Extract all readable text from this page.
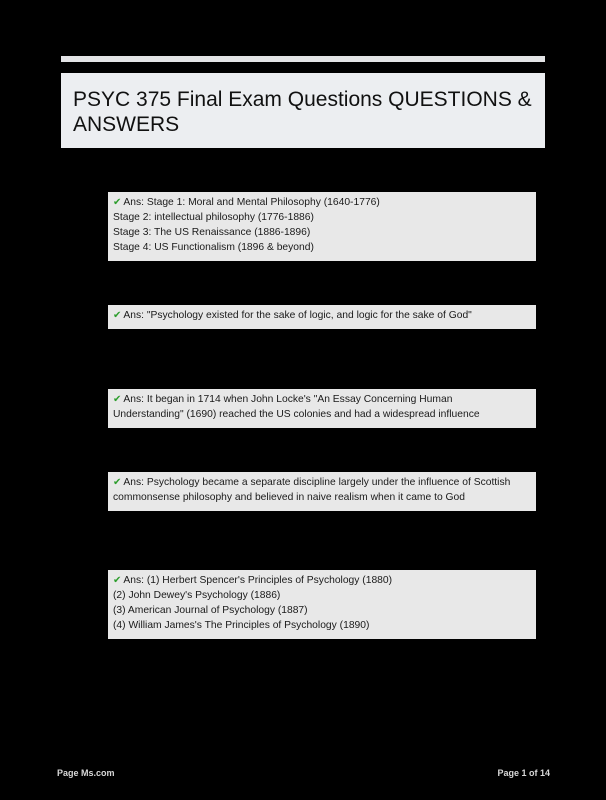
PSYC 375 Final Exam Questions QUESTIONS & ANSWERS
✔ Ans: Stage 1: Moral and Mental Philosophy (1640-1776)
Stage 2: intellectual philosophy (1776-1886)
Stage 3: The US Renaissance (1886-1896)
Stage 4: US Functionalism (1896 & beyond)
✔ Ans: "Psychology existed for the sake of logic, and logic for the sake of God"
✔ Ans: It began in 1714 when John Locke's "An Essay Concerning Human
Understanding" (1690) reached the US colonies and had a widespread influence
✔ Ans: Psychology became a separate discipline largely under the influence of Scottish
commonsense philosophy and believed in naive realism when it came to God
✔ Ans: (1) Herbert Spencer's Principles of Psychology (1880)
(2) John Dewey's Psychology (1886)
(3) American Journal of Psychology (1887)
(4) William James's The Principles of Psychology (1890)
Page Ms.com	Page 1 of 14
